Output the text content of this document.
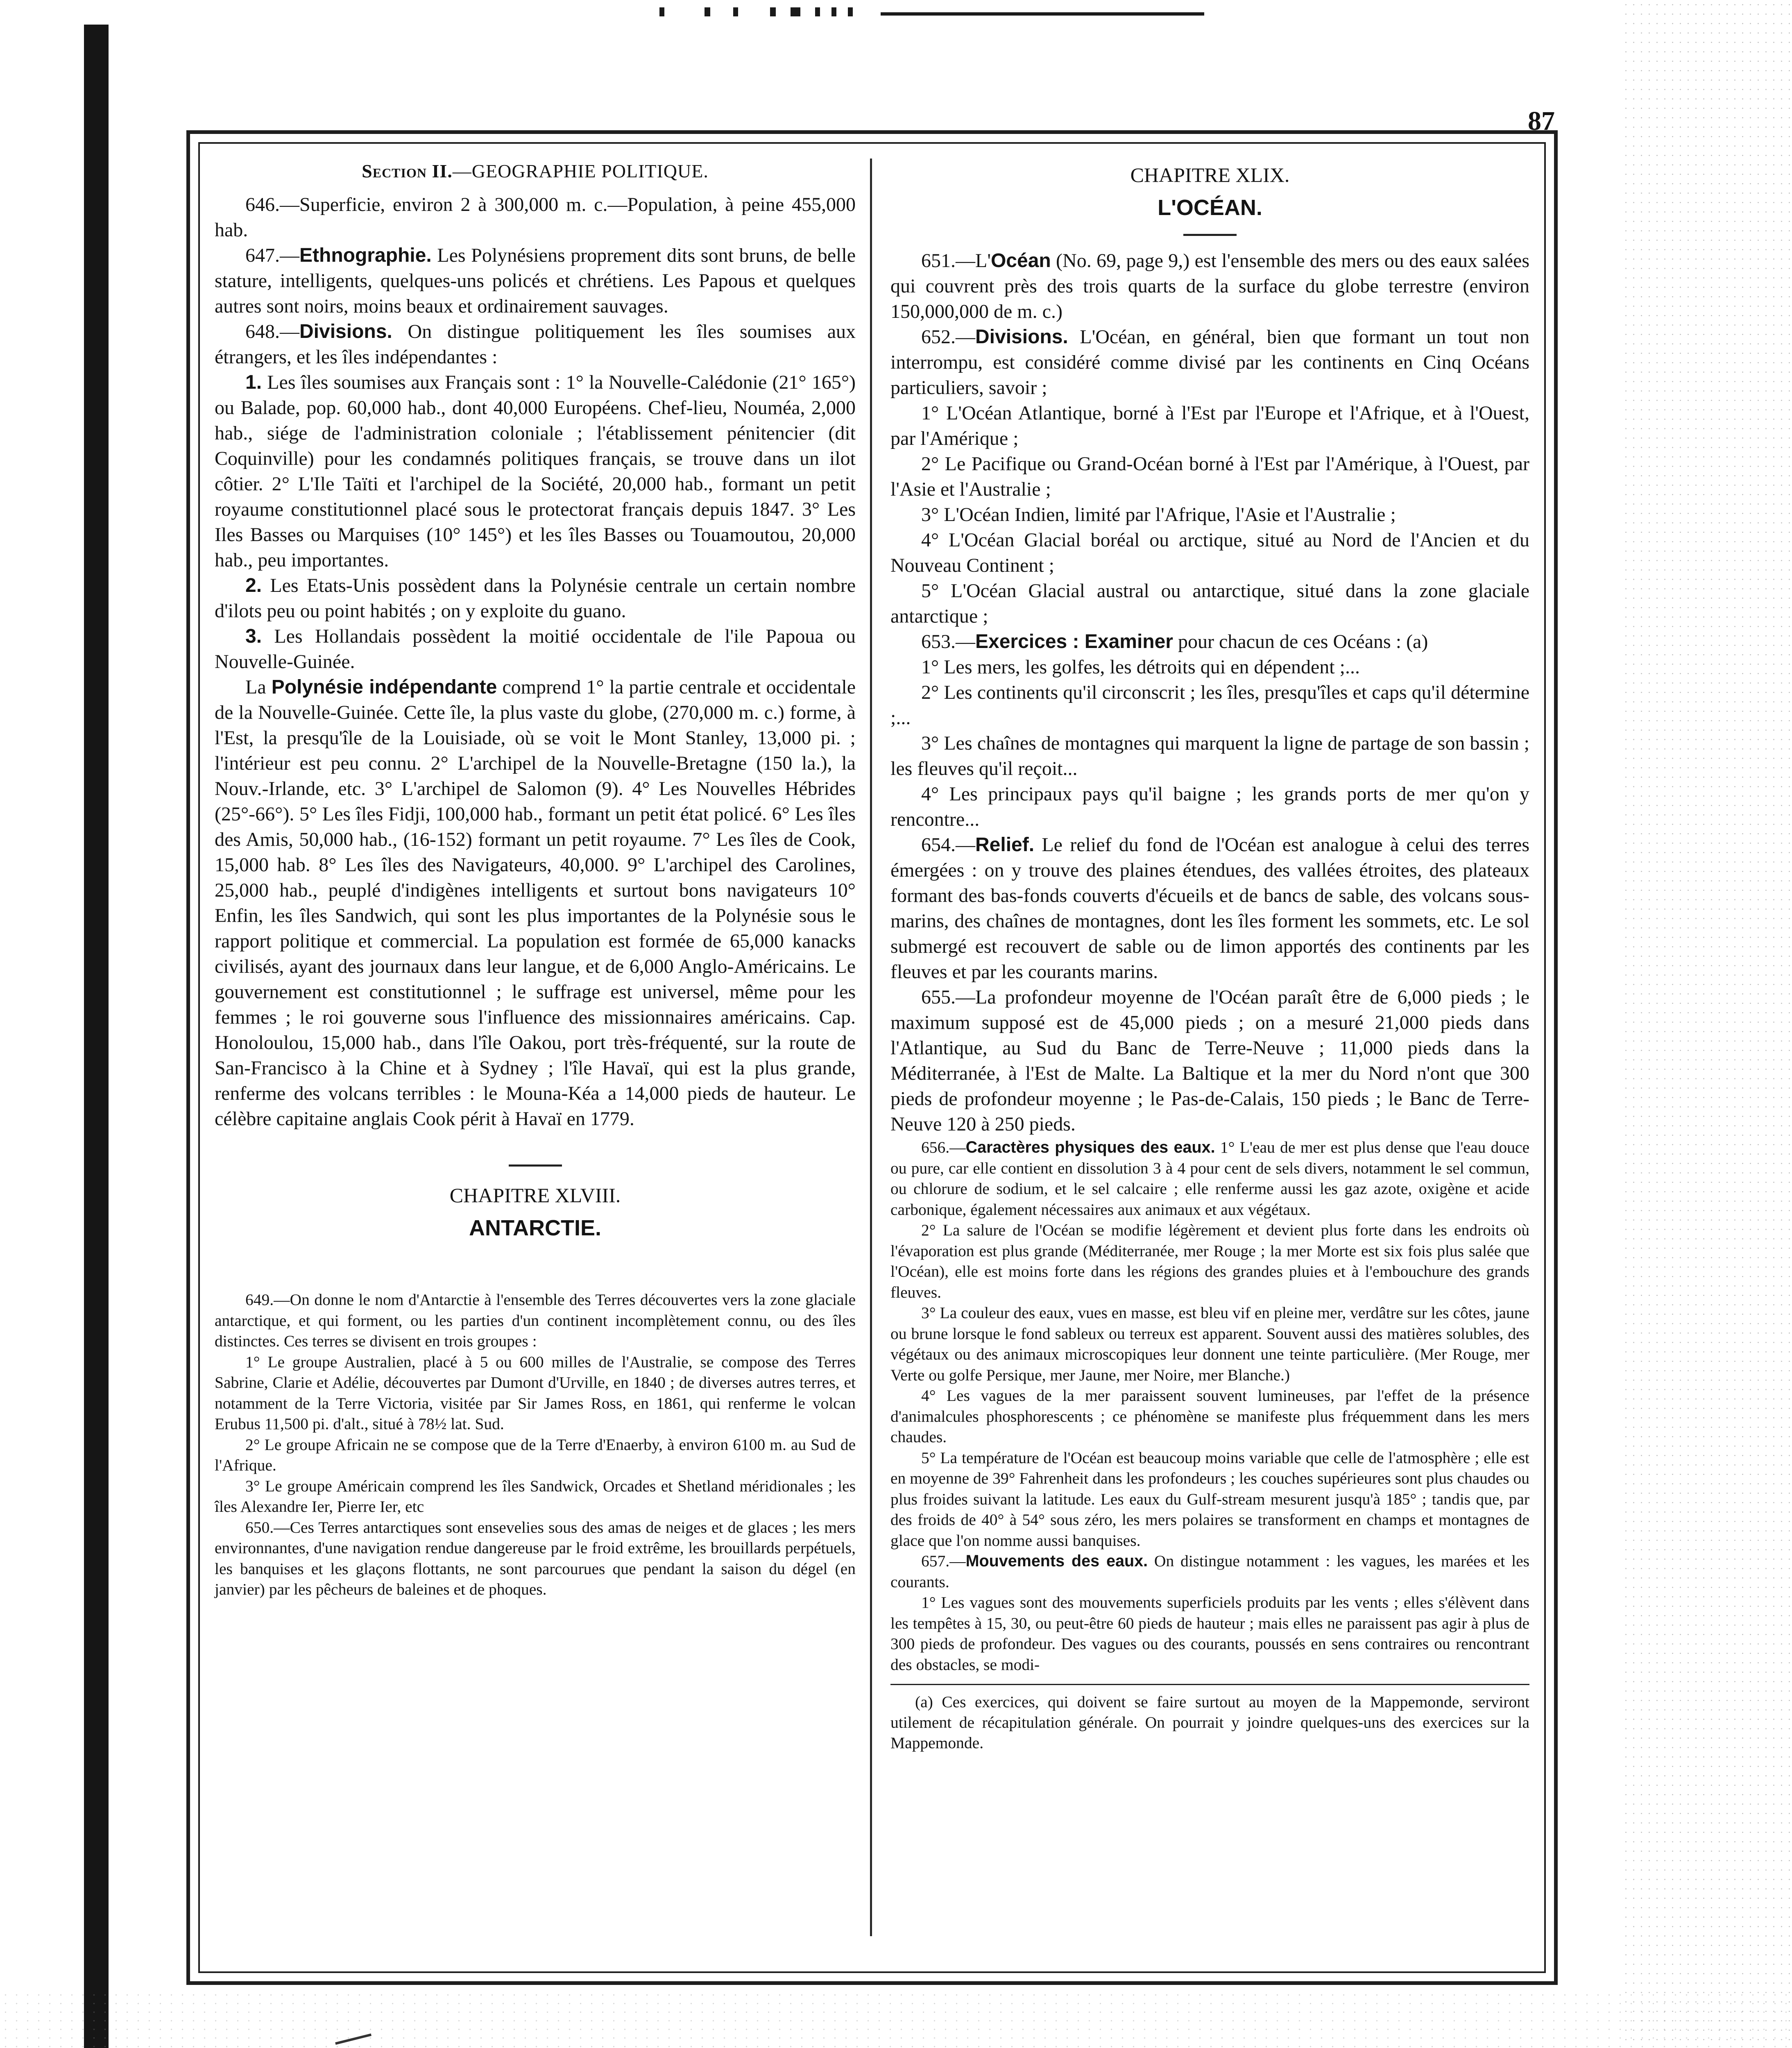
87
Section II.—GEOGRAPHIE POLITIQUE.

646.—Superficie, environ 2 à 300,000 m. c.—Population, à peine 455,000 hab.

647.—Ethnographie. Les Polynésiens proprement dits sont bruns, de belle stature, intelligents, quelques-uns policés et chrétiens. Les Papous et quelques autres sont noirs, moins beaux et ordinairement sauvages.

648.—Divisions. On distingue politiquement les îles soumises aux étrangers, et les îles indépendantes :

1. Les îles soumises aux Français sont : 1° la Nouvelle-Calédonie (21° 165°) ou Balade, pop. 60,000 hab., dont 40,000 Européens. Chef-lieu, Nouméa, 2,000 hab., siége de l'administration coloniale ; l'établissement pénitencier (dit Coquinville) pour les condamnés politiques français, se trouve dans un ilot côtier. 2° L'Ile Taïti et l'archipel de la Société, 20,000 hab., formant un petit royaume constitutionnel placé sous le protectorat français depuis 1847. 3° Les Iles Basses ou Marquises (10° 145°) et les îles Basses ou Touamoutou, 20,000 hab., peu importantes.

2. Les Etats-Unis possèdent dans la Polynésie centrale un certain nombre d'ilots peu ou point habités ; on y exploite du guano.

3. Les Hollandais possèdent la moitié occidentale de l'ile Papoua ou Nouvelle-Guinée.

La Polynésie indépendante comprend 1° la partie centrale et occidentale de la Nouvelle-Guinée. Cette île, la plus vaste du globe, (270,000 m. c.) forme, à l'Est, la presqu'île de la Louisiade, où se voit le Mont Stanley, 13,000 pi. ; l'intérieur est peu connu. 2° L'archipel de la Nouvelle-Bretagne (150 la.), la Nouv.-Irlande, etc. 3° L'archipel de Salomon (9). 4° Les Nouvelles Hébrides (25°-66°). 5° Les îles Fidji, 100,000 hab., formant un petit état policé. 6° Les îles des Amis, 50,000 hab., (16-152) formant un petit royaume. 7° Les îles de Cook, 15,000 hab. 8° Les îles des Navigateurs, 40,000. 9° L'archipel des Carolines, 25,000 hab., peuplé d'indigènes intelligents et surtout bons navigateurs 10° Enfin, les îles Sandwich, qui sont les plus importantes de la Polynésie sous le rapport politique et commercial. La population est formée de 65,000 kanacks civilisés, ayant des journaux dans leur langue, et de 6,000 Anglo-Américains. Le gouvernement est constitutionnel ; le suffrage est universel, même pour les femmes ; le roi gouverne sous l'influence des missionnaires américains. Cap. Honoloulou, 15,000 hab., dans l'île Oakou, port très-fréquenté, sur la route de San-Francisco à la Chine et à Sydney ; l'île Havaï, qui est la plus grande, renferme des volcans terribles : le Mouna-Kéa a 14,000 pieds de hauteur. Le célèbre capitaine anglais Cook périt à Havaï en 1779.

CHAPITRE XLVIII.
ANTARCTIE.

649.—On donne le nom d'Antarctie à l'ensemble des Terres découvertes vers la zone glaciale antarctique, et qui forment, ou les parties d'un continent incomplètement connu, ou des îles distinctes. Ces terres se divisent en trois groupes :

1° Le groupe Australien, placé à 5 ou 600 milles de l'Australie, se compose des Terres Sabrine, Clarie et Adélie, découvertes par Dumont d'Urville, en 1840 ; de diverses autres terres, et notamment de la Terre Victoria, visitée par Sir James Ross, en 1861, qui renferme le volcan Erubus 11,500 pi. d'alt., situé à 78½ lat. Sud.

2° Le groupe Africain ne se compose que de la Terre d'Enaerby, à environ 6100 m. au Sud de l'Afrique.

3° Le groupe Américain comprend les îles Sandwick, Orcades et Shetland méridionales ; les îles Alexandre Ier, Pierre Ier, etc

650.—Ces Terres antarctiques sont ensevelies sous des amas de neiges et de glaces ; les mers environnantes, d'une navigation rendue dangereuse par le froid extrême, les brouillards perpétuels, les banquises et les glaçons flottants, ne sont parcourues que pendant la saison du dégel (en janvier) par les pêcheurs de baleines et de phoques.

CHAPITRE XLIX.
L'OCÉAN.

651.—L'Océan (No. 69, page 9,) est l'ensemble des mers ou des eaux salées qui couvrent près des trois quarts de la surface du globe terrestre (environ 150,000,000 de m. c.)

652.—Divisions. L'Océan, en général, bien que formant un tout non interrompu, est considéré comme divisé par les continents en Cinq Océans particuliers, savoir ;

1° L'Océan Atlantique, borné à l'Est par l'Europe et l'Afrique, et à l'Ouest, par l'Amérique ;

2° Le Pacifique ou Grand-Océan borné à l'Est par l'Amérique, à l'Ouest, par l'Asie et l'Australie ;

3° L'Océan Indien, limité par l'Afrique, l'Asie et l'Australie ;

4° L'Océan Glacial boréal ou arctique, situé au Nord de l'Ancien et du Nouveau Continent ;

5° L'Océan Glacial austral ou antarctique, situé dans la zone glaciale antarctique ;

653.—Exercices : Examiner pour chacun de ces Océans : (a)

1° Les mers, les golfes, les détroits qui en dépendent ;...

2° Les continents qu'il circonscrit ; les îles, presqu'îles et caps qu'il détermine ;...

3° Les chaînes de montagnes qui marquent la ligne de partage de son bassin ; les fleuves qu'il reçoit...

4° Les principaux pays qu'il baigne ; les grands ports de mer qu'on y rencontre...

654.—Relief. Le relief du fond de l'Océan est analogue à celui des terres émergées : on y trouve des plaines étendues, des vallées étroites, des plateaux formant des bas-fonds couverts d'écueils et de bancs de sable, des volcans sous-marins, des chaînes de montagnes, dont les îles forment les sommets, etc. Le sol submergé est recouvert de sable ou de limon apportés des continents par les fleuves et par les courants marins.

655.—La profondeur moyenne de l'Océan paraît être de 6,000 pieds ; le maximum supposé est de 45,000 pieds ; on a mesuré 21,000 pieds dans l'Atlantique, au Sud du Banc de Terre-Neuve ; 11,000 pieds dans la Méditerranée, à l'Est de Malte. La Baltique et la mer du Nord n'ont que 300 pieds de profondeur moyenne ; le Pas-de-Calais, 150 pieds ; le Banc de Terre-Neuve 120 à 250 pieds.

656.—Caractères physiques des eaux. 1° L'eau de mer est plus dense que l'eau douce ou pure, car elle contient en dissolution 3 à 4 pour cent de sels divers, notamment le sel commun, ou chlorure de sodium, et le sel calcaire ; elle renferme aussi les gaz azote, oxigène et acide carbonique, également nécessaires aux animaux et aux végétaux.

2° La salure de l'Océan se modifie légèrement et devient plus forte dans les endroits où l'évaporation est plus grande (Méditerranée, mer Rouge ; la mer Morte est six fois plus salée que l'Océan), elle est moins forte dans les régions des grandes pluies et à l'embouchure des grands fleuves.

3° La couleur des eaux, vues en masse, est bleu vif en pleine mer, verdâtre sur les côtes, jaune ou brune lorsque le fond sableux ou terreux est apparent. Souvent aussi des matières solubles, des végétaux ou des animaux microscopiques leur donnent une teinte particulière. (Mer Rouge, mer Verte ou golfe Persique, mer Jaune, mer Noire, mer Blanche.)

4° Les vagues de la mer paraissent souvent lumineuses, par l'effet de la présence d'animalcules phosphorescents ; ce phénomène se manifeste plus fréquemment dans les mers chaudes.

5° La température de l'Océan est beaucoup moins variable que celle de l'atmosphère ; elle est en moyenne de 39° Fahrenheit dans les profondeurs ; les couches supérieures sont plus chaudes ou plus froides suivant la latitude. Les eaux du Gulf-stream mesurent jusqu'à 185° ; tandis que, par des froids de 40° à 54° sous zéro, les mers polaires se transforment en champs et montagnes de glace que l'on nomme aussi banquises.

657.—Mouvements des eaux. On distingue notamment : les vagues, les marées et les courants.

1° Les vagues sont des mouvements superficiels produits par les vents ; elles s'élèvent dans les tempêtes à 15, 30, ou peut-être 60 pieds de hauteur ; mais elles ne paraissent pas agir à plus de 300 pieds de profondeur. Des vagues ou des courants, poussés en sens contraires ou rencontrant des obstacles, se modi-

(a) Ces exercices, qui doivent se faire surtout au moyen de la Mappemonde, serviront utilement de récapitulation générale. On pourrait y joindre quelques-uns des exercices sur la Mappemonde.
